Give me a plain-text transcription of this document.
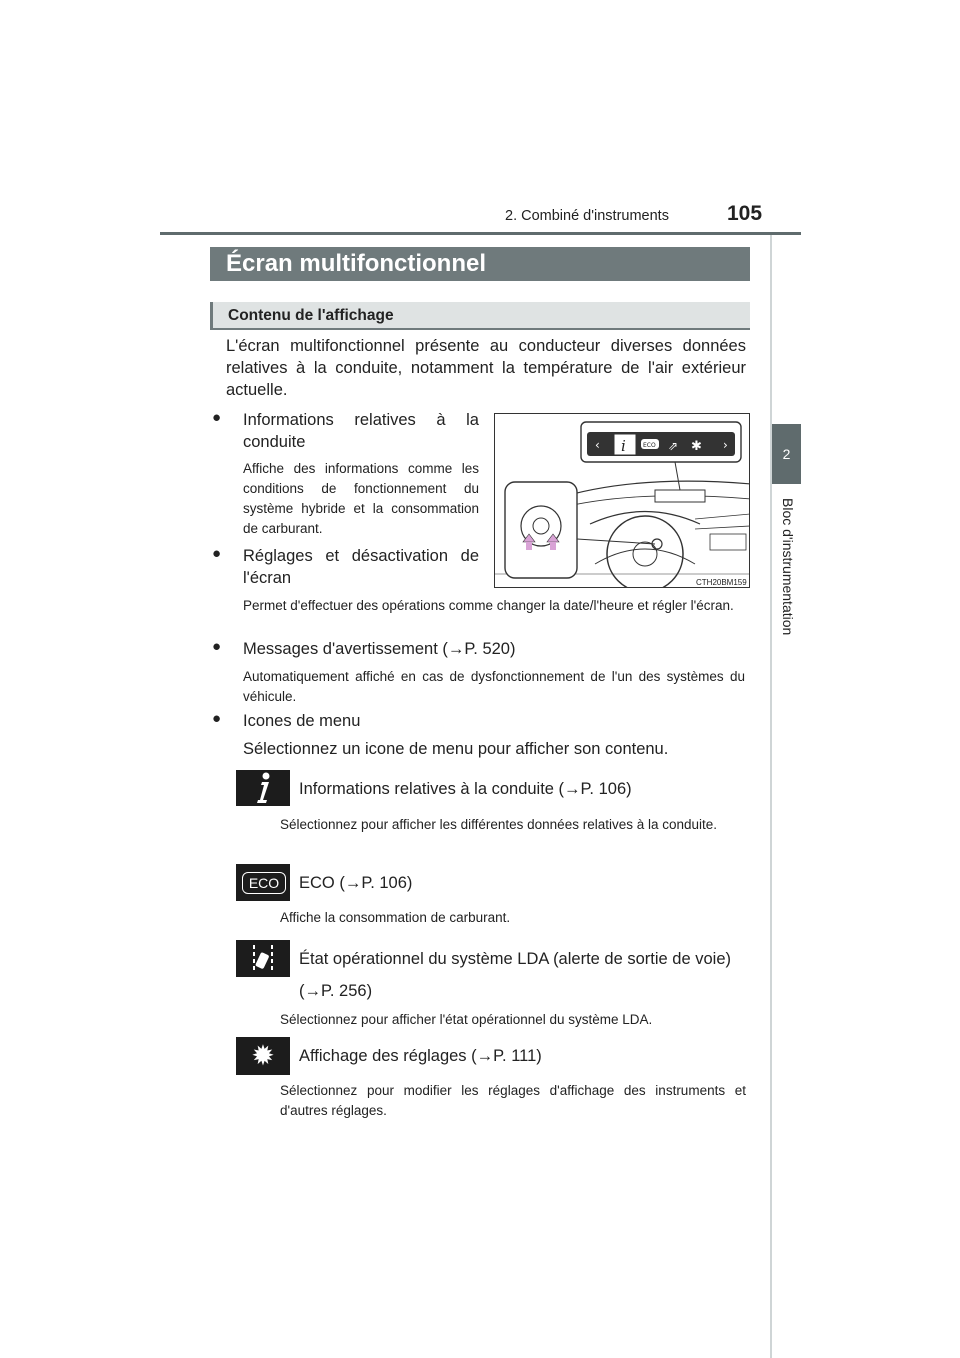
2. Combiné d'instruments	105
2
Bloc d'instrumentation
Écran multifonctionnel
Contenu de l'affichage
L'écran multifonctionnel présente au conducteur diverses données relatives à la conduite, notamment la température de l'air extérieur actuelle.
● Informations relatives à la conduite
Affiche des informations comme les conditions de fonctionnement du système hybride et la consommation de carburant.
● Réglages et désactivation de l'écran
Permet d'effectuer des opérations comme changer la date/l'heure et régler l'écran.
● Messages d'avertissement (→P. 520)
Automatiquement affiché en cas de dysfonctionnement de l'un des systèmes du véhicule.
● Icones de menu
Sélectionnez un icone de menu pour afficher son contenu.
‹ i	ECO ⇗ ✱ ›
CTH20BM159
Informations relatives à la conduite (→P. 106)
Sélectionnez pour afficher les différentes données relatives à la conduite.
ECO	ECO (→P. 106)
Affiche la consommation de carburant.
État opérationnel du système LDA (alerte de sortie de voie)
(→P. 256)
Sélectionnez pour afficher l'état opérationnel du système LDA.
✹ Affichage des réglages (→P. 111)
Sélectionnez pour modifier les réglages d'affichage des instruments et d'autres réglages.
